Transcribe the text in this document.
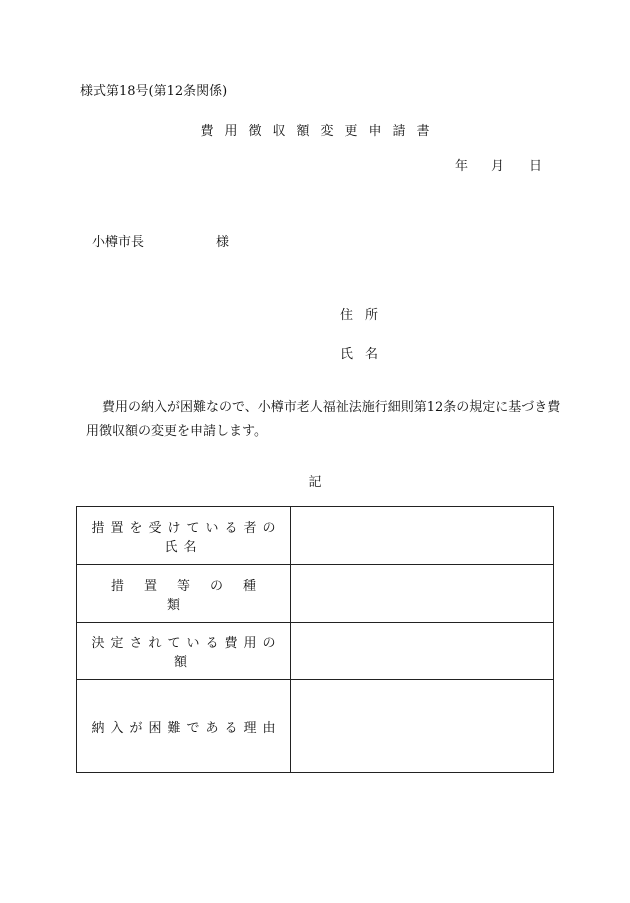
様式第18号(第12条関係)
費用徴収額変更申請書
年 月 日
小樽市長	様
住所
氏名
費用の納入が困難なので、小樽市老人福祉法施行細則第12条の規定に基づき費用徴収額の変更を申請します。
記
措置を受けている者の氏名	
措置等の種類	
決定されている費用の額	
納入が困難である理由	
